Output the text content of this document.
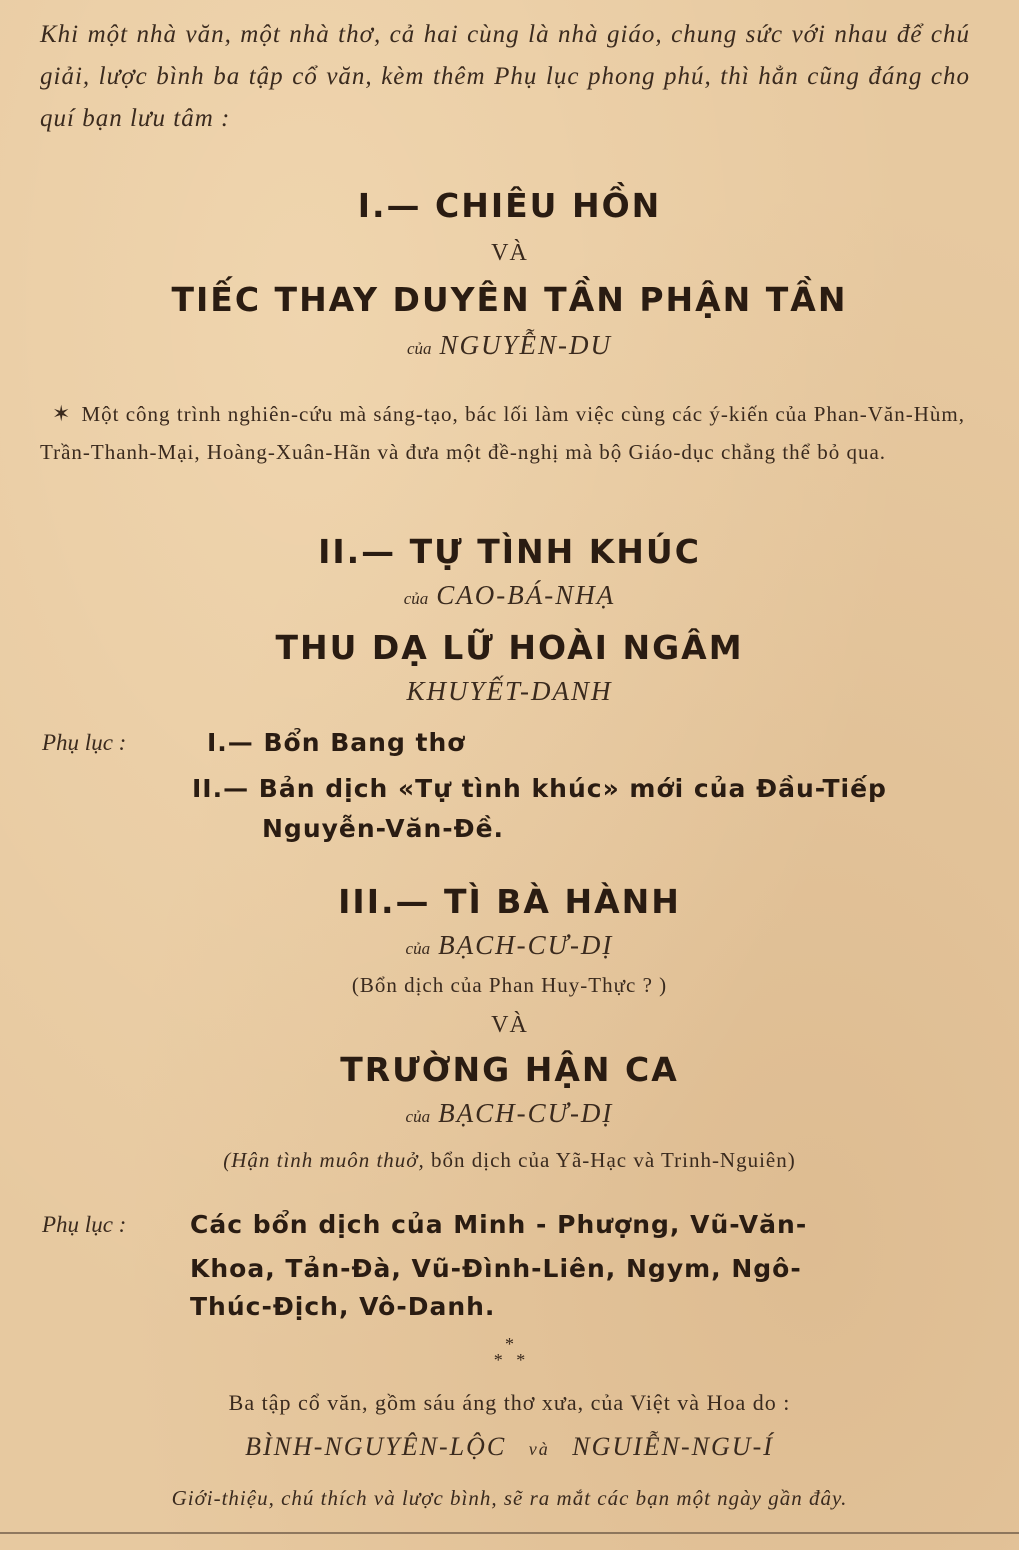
Khi một nhà văn, một nhà thơ, cả hai cùng là nhà giáo, chung sức với nhau để chú giải, lược bình ba tập cổ văn, kèm thêm Phụ lục phong phú, thì hẳn cũng đáng cho quí bạn lưu tâm :
I.— CHIÊU HỒN
VÀ
TIẾC THAY DUYÊN TẦN PHẬN TẦN
của NGUYỄN-DU
✶ Một công trình nghiên-cứu mà sáng-tạo, bác lối làm việc cùng các ý-kiến của Phan-Văn-Hùm, Trần-Thanh-Mại, Hoàng-Xuân-Hãn và đưa một đề-nghị mà bộ Giáo-dục chẳng thể bỏ qua.
II.— TỰ TÌNH KHÚC
của CAO-BÁ-NHẠ
THU DẠ LỮ HOÀI NGÂM
KHUYẾT-DANH
Phụ lục :	I.— Bổn Bang thơ
II.— Bản dịch «Tự tình khúc» mới của Đầu-Tiếp
Nguyễn-Văn-Đề.
III.— TÌ BÀ HÀNH
của BẠCH-CƯ-DỊ
(Bổn dịch của Phan Huy-Thực ? )
VÀ
TRƯỜNG HẬN CA
của BẠCH-CƯ-DỊ
(Hận tình muôn thuở, bổn dịch của Yã-Hạc và Trinh-Nguiên)
Phụ lục :	Các bổn dịch của Minh - Phượng, Vũ-Văn-
Khoa, Tản-Đà, Vũ-Đình-Liên, Ngym, Ngô-
Thúc-Địch, Vô-Danh.
*
*   *
Ba tập cổ văn, gồm sáu áng thơ xưa, của Việt và Hoa do :
BÌNH-NGUYÊN-LỘC và NGUIỄN-NGU-Í
Giới-thiệu, chú thích và lược bình, sẽ ra mắt các bạn một ngày gần đây.
